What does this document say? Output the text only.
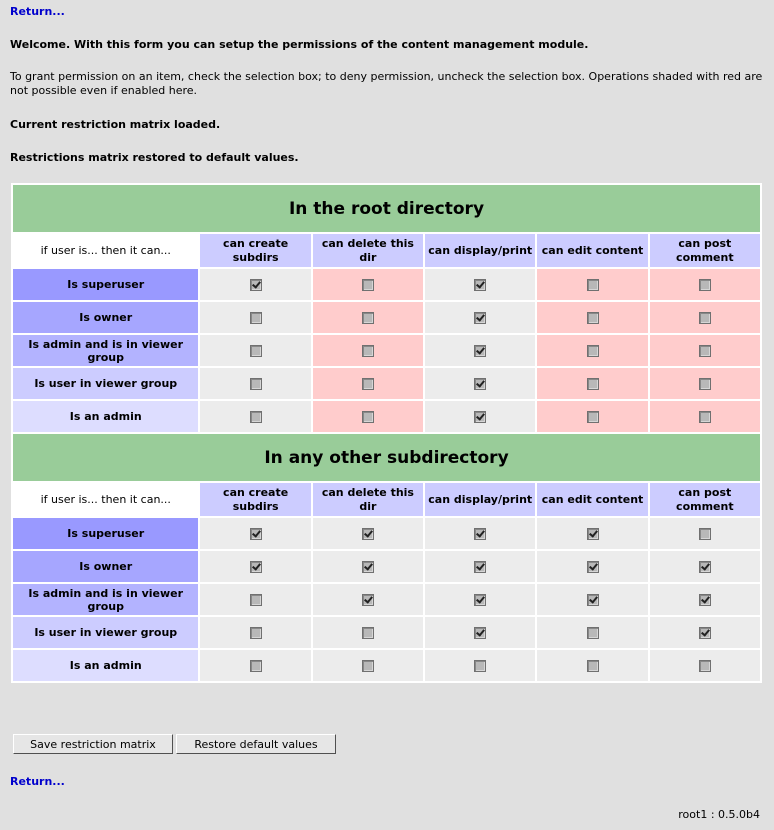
Return...
Welcome. With this form you can setup the permissions of the content management module.
To grant permission on an item, check the selection box; to deny permission, uncheck the selection box. Operations shaded with red are not possible even if enabled here.
Current restriction matrix loaded.
Restrictions matrix restored to default values.
In the root directory					
if user is... then it can...	can create subdirs	can delete this dir	can display/print	can edit content	can post comment
Is superuser					
Is owner					
Is admin and is in viewer group					
Is user in viewer group					
Is an admin					
In any other subdirectory					
if user is... then it can...	can create subdirs	can delete this dir	can display/print	can edit content	can post comment
Is superuser					
Is owner					
Is admin and is in viewer group					
Is user in viewer group					
Is an admin					
Save restriction matrix	Restore default values
Return...
root1 : 0.5.0b4
